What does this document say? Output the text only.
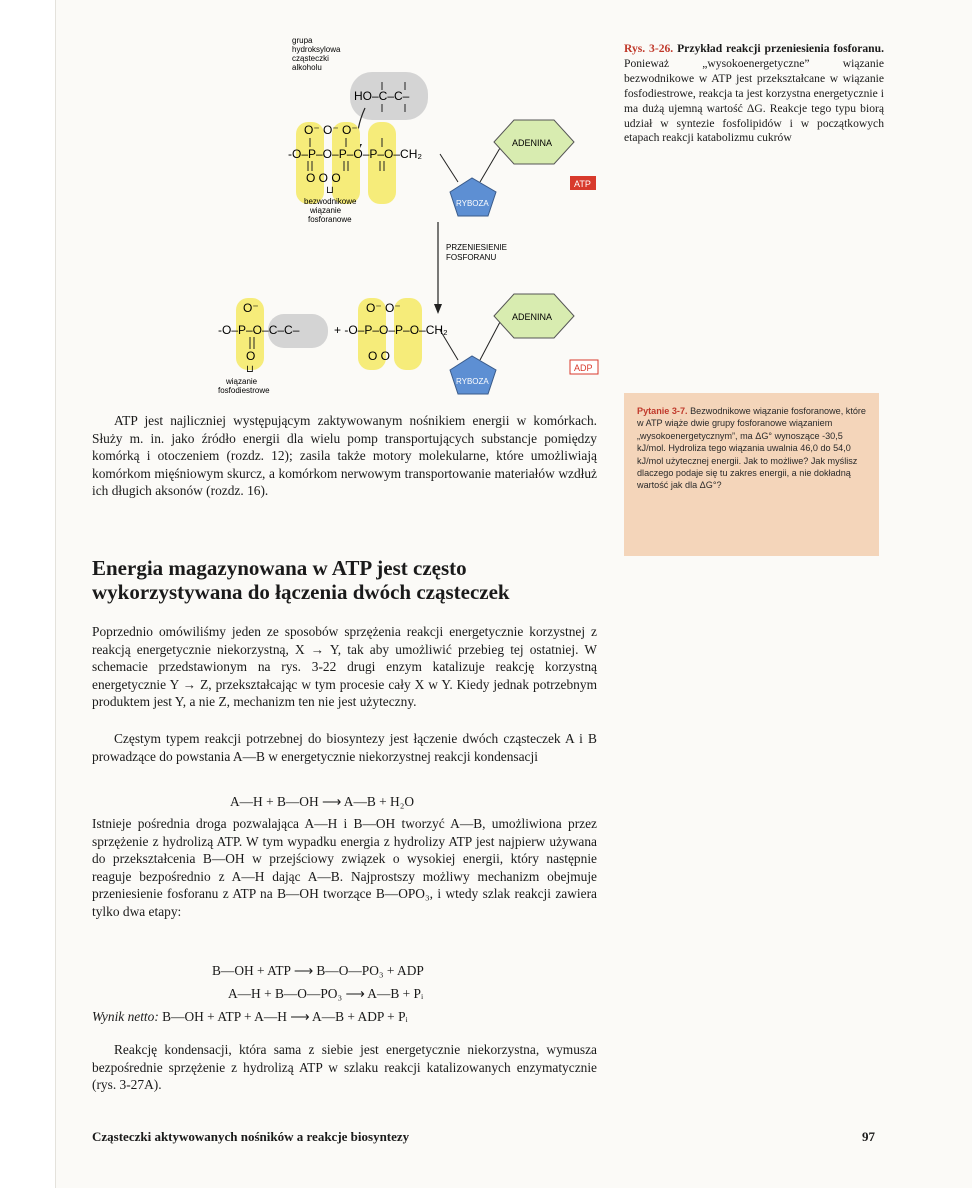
grupa
hydroksylowa
cząsteczki
alkoholu
HO–C–C–
O⁻ O⁻ O⁻
-O–P–O–P–O–P–O–CH₂
O O O
⊔
bezwodnikowe
wiązanie
fosforanowe
ADENINA
RYBOZA
ATP
PRZENIESIENIE
FOSFORANU
-O–P–O–C–C–
O⁻
O
⊔
wiązanie
fosfodiestrowe
+ -O–P–O–P–O–CH₂
O⁻ O⁻
O O
ADENINA
RYBOZA
ADP
Rys. 3-26. Przykład reakcji przeniesienia fosforanu. Ponieważ „wysokoenergetyczne” wiązanie bezwodnikowe w ATP jest przekształcane w wiązanie fosfodiestrowe, reakcja ta jest korzystna energetycznie i ma dużą ujemną wartość ΔG. Reakcje tego typu biorą udział w syntezie fosfolipidów i w początkowych etapach reakcji katabolizmu cukrów
Pytanie 3-7. Bezwodnikowe wiązanie fosforanowe, które w ATP wiąże dwie grupy fosforanowe wiązaniem „wysokoenergetycznym”, ma ΔG° wynoszące -30,5 kJ/mol. Hydroliza tego wiązania uwalnia 46,0 do 54,0 kJ/mol użytecznej energii. Jak to możliwe? Jak myślisz dlaczego podaje się tu zakres energii, a nie dokładną wartość jak dla ΔG°?

ATP jest najliczniej występującym zaktywowanym nośnikiem energii w komórkach. Służy m. in. jako źródło energii dla wielu pomp transportujących substancje pomiędzy komórką i otoczeniem (rozdz. 12); zasila także motory molekularne, które umożliwiają komórkom mięśniowym skurcz, a komórkom nerwowym transportowanie materiałów wzdłuż ich długich aksonów (rozdz. 16).

Energia magazynowana w ATP jest często wykorzystywana do łączenia dwóch cząsteczek

Poprzednio omówiliśmy jeden ze sposobów sprzężenia reakcji energetycznie korzystnej z reakcją energetycznie niekorzystną, X → Y, tak aby umożliwić przebieg tej ostatniej. W schemacie przedstawionym na rys. 3-22 drugi enzym katalizuje reakcję korzystną energetycznie Y → Z, przekształcając w tym procesie cały X w Y. Kiedy jednak potrzebnym produktem jest Y, a nie Z, mechanizm ten nie jest użyteczny.

Częstym typem reakcji potrzebnej do biosyntezy jest łączenie dwóch cząsteczek A i B prowadzące do powstania A—B w energetycznie niekorzystnej reakcji kondensacji

A—H + B—OH ⟶ A—B + H₂O

Istnieje pośrednia droga pozwalająca A—H i B—OH tworzyć A—B, umożliwiona przez sprzężenie z hydrolizą ATP. W tym wypadku energia z hydrolizy ATP jest najpierw używana do przekształcenia B—OH w przejściowy związek o wysokiej energii, który następnie reaguje bezpośrednio z A—H dając A—B. Najprostszy możliwy mechanizm obejmuje przeniesienie fosforanu z ATP na B—OH tworzące B—OPO₃, i wtedy szlak reakcji zawiera tylko dwa etapy:

B—OH + ATP ⟶ B—O—PO₃ + ADP
A—H + B—O—PO₃ ⟶ A—B + Pᵢ
Wynik netto: B—OH + ATP + A—H ⟶ A—B + ADP + Pᵢ

Reakcję kondensacji, która sama z siebie jest energetycznie niekorzystna, wymusza bezpośrednie sprzężenie z hydrolizą ATP w szlaku reakcji katalizowanych enzymatycznie (rys. 3-27A).

Cząsteczki aktywowanych nośników a reakcje biosyntezy	97
